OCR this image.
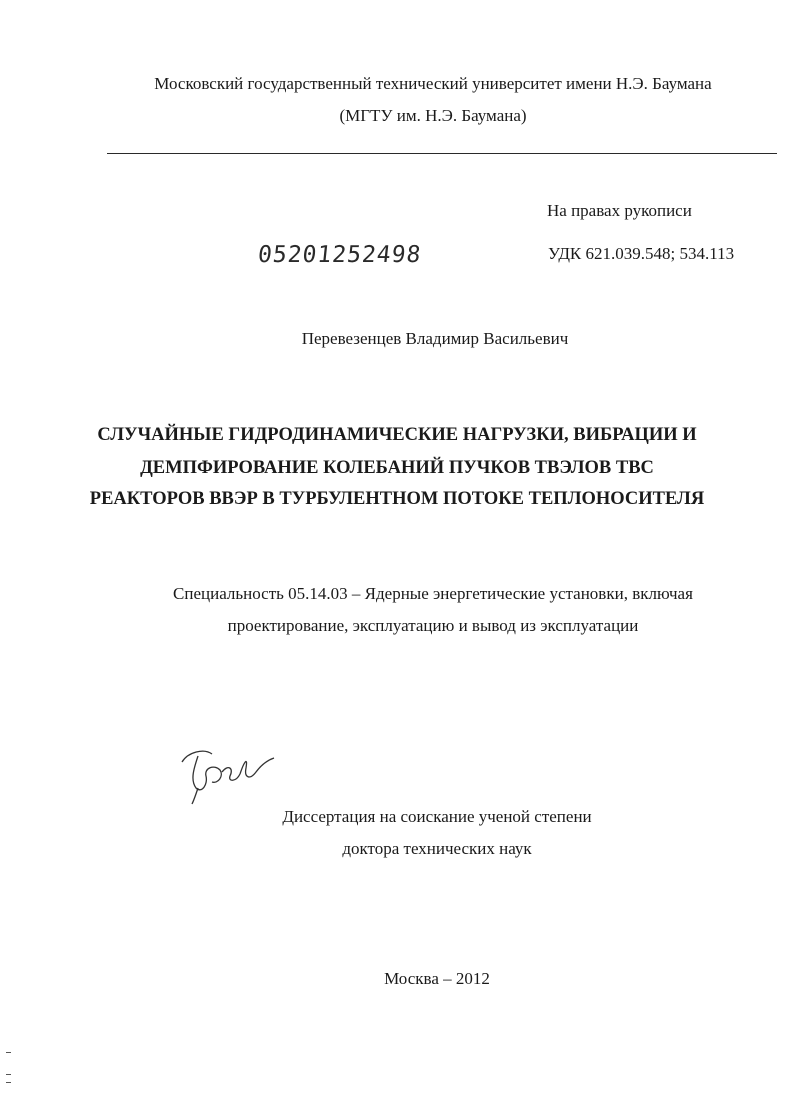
Московский государственный технический университет имени Н.Э. Баумана
(МГТУ им. Н.Э. Баумана)
На правах рукописи
05201252498	УДК 621.039.548; 534.113
Перевезенцев Владимир Васильевич
СЛУЧАЙНЫЕ ГИДРОДИНАМИЧЕСКИЕ НАГРУЗКИ, ВИБРАЦИИ И
ДЕМПФИРОВАНИЕ КОЛЕБАНИЙ ПУЧКОВ ТВЭЛОВ ТВС
РЕАКТОРОВ ВВЭР В ТУРБУЛЕНТНОМ ПОТОКЕ ТЕПЛОНОСИТЕЛЯ
Специальность 05.14.03 – Ядерные энергетические установки, включая
проектирование, эксплуатацию и вывод из эксплуатации
Диссертация на соискание ученой степени
доктора технических наук
Москва – 2012
